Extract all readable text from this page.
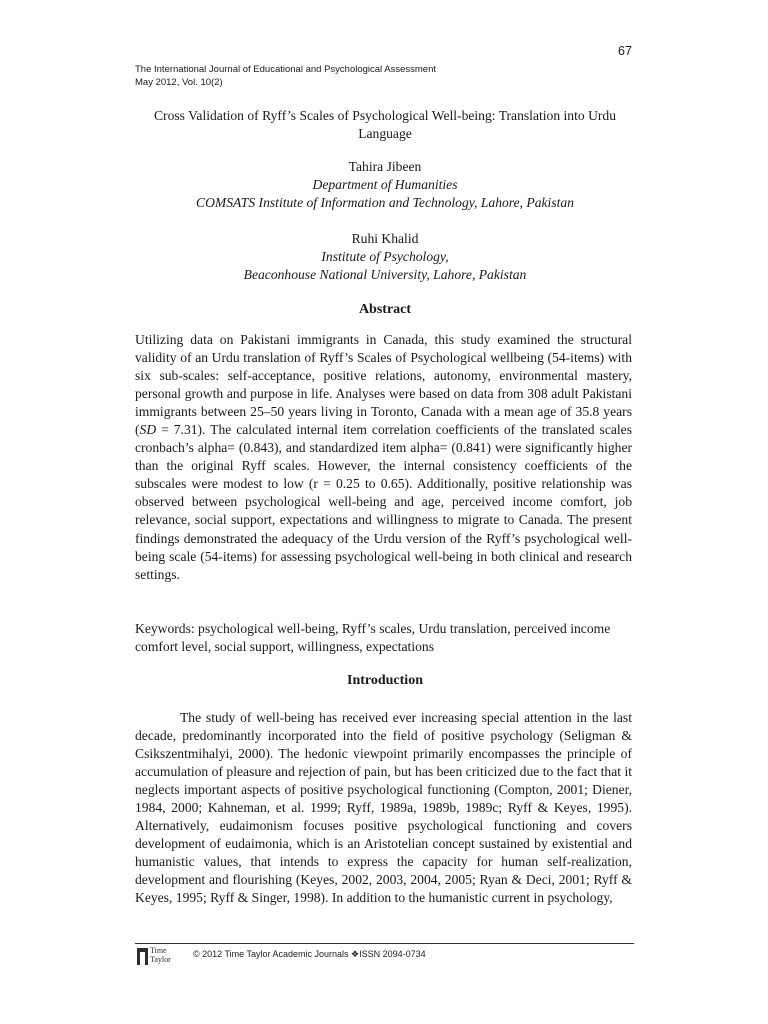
67
The International Journal of Educational and Psychological Assessment
May 2012, Vol. 10(2)
Cross Validation of Ryff’s Scales of Psychological Well-being: Translation into Urdu Language
Tahira Jibeen
Department of Humanities
COMSATS Institute of Information and Technology, Lahore, Pakistan
Ruhi Khalid
Institute of Psychology,
Beaconhouse National University, Lahore, Pakistan
Abstract

Utilizing data on Pakistani immigrants in Canada, this study examined the structural validity of an Urdu translation of Ryff’s Scales of Psychological wellbeing (54-items) with six sub-scales: self-acceptance, positive relations, autonomy, environmental mastery, personal growth and purpose in life. Analyses were based on data from 308 adult Pakistani immigrants between 25–50 years living in Toronto, Canada with a mean age of 35.8 years (SD = 7.31). The calculated internal item correlation coefficients of the translated scales cronbach’s alpha= (0.843), and standardized item alpha= (0.841) were significantly higher than the original Ryff scales. However, the internal consistency coefficients of the subscales were modest to low (r = 0.25 to 0.65). Additionally, positive relationship was observed between psychological well-being and age, perceived income comfort, job relevance, social support, expectations and willingness to migrate to Canada. The present findings demonstrated the adequacy of the Urdu version of the Ryff’s psychological well-being scale (54-items) for assessing psychological well-being in both clinical and research settings.

Keywords: psychological well-being, Ryff’s scales, Urdu translation, perceived income comfort level, social support, willingness, expectations

Introduction

The study of well-being has received ever increasing special attention in the last decade, predominantly incorporated into the field of positive psychology (Seligman & Csikszentmihalyi, 2000). The hedonic viewpoint primarily encompasses the principle of accumulation of pleasure and rejection of pain, but has been criticized due to the fact that it neglects important aspects of positive psychological functioning (Compton, 2001; Diener, 1984, 2000; Kahneman, et al. 1999; Ryff, 1989a, 1989b, 1989c; Ryff & Keyes, 1995). Alternatively, eudaimonism focuses positive psychological functioning and covers development of eudaimonia, which is an Aristotelian concept sustained by existential and humanistic values, that intends to express the capacity for human self-realization, development and flourishing (Keyes, 2002, 2003, 2004, 2005; Ryan & Deci, 2001; Ryff & Keyes, 1995; Ryff & Singer, 1998). In addition to the humanistic current in psychology,

Time
Taylor © 2012 Time Taylor Academic Journals ❖ISSN 2094-0734
